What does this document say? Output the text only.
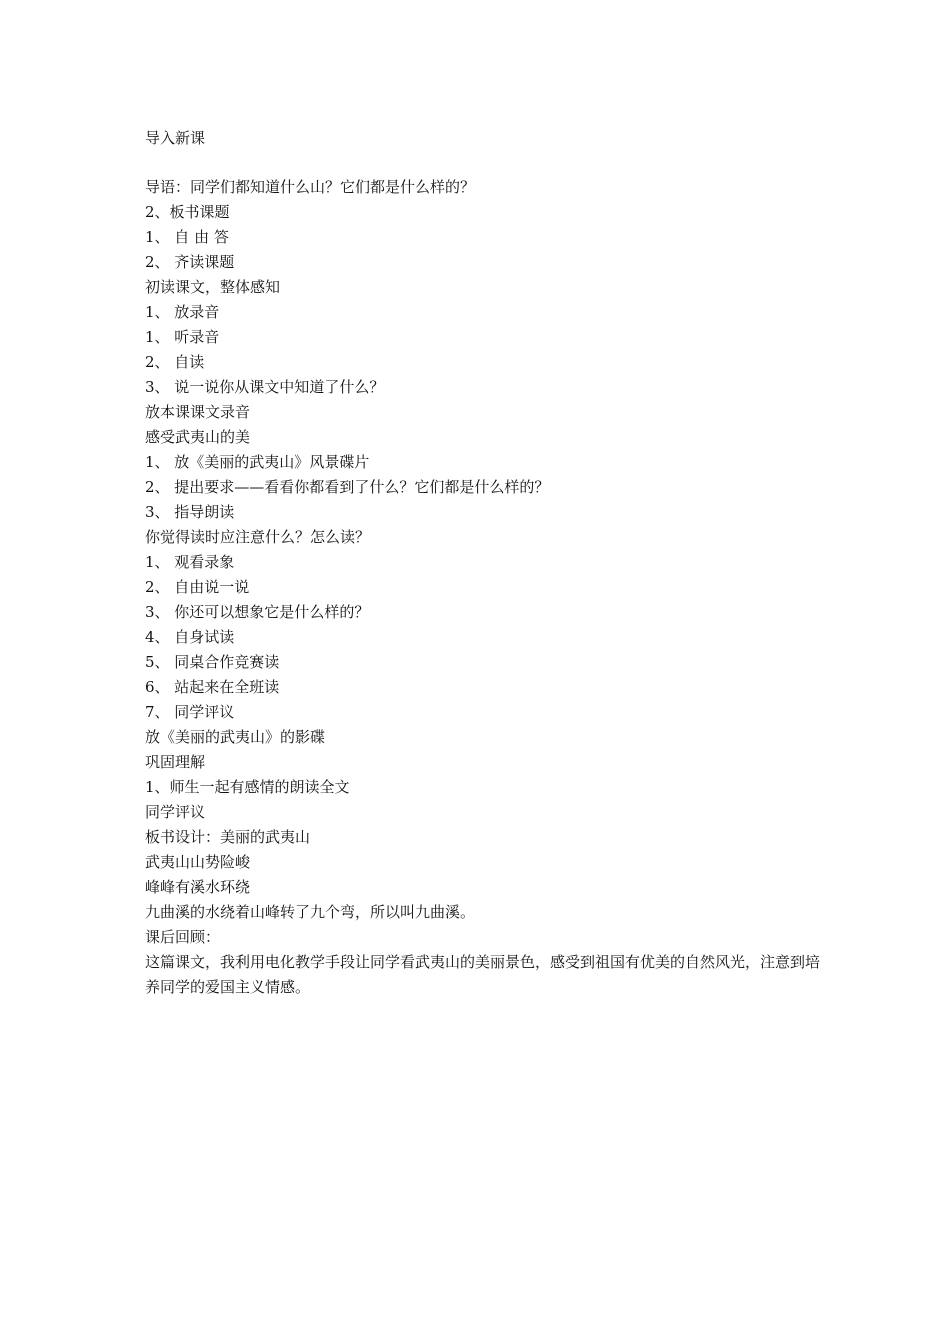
导入新课
导语：同学们都知道什么山？它们都是什么样的？
2、板书课题
1、 自 由 答
2、 齐读课题
初读课文，整体感知
1、 放录音
1、 听录音
2、 自读
3、 说一说你从课文中知道了什么？
放本课课文录音
感受武夷山的美
1、 放《美丽的武夷山》风景碟片
2、 提出要求——看看你都看到了什么？它们都是什么样的？
3、 指导朗读
你觉得读时应注意什么？怎么读？
1、 观看录象
2、 自由说一说
3、 你还可以想象它是什么样的？
4、 自身试读
5、 同桌合作竞赛读
6、 站起来在全班读
7、 同学评议
放《美丽的武夷山》的影碟
巩固理解
1、师生一起有感情的朗读全文
同学评议
板书设计：美丽的武夷山
武夷山山势险峻
峰峰有溪水环绕
九曲溪的水绕着山峰转了九个弯，所以叫九曲溪。
课后回顾：
这篇课文，我利用电化教学手段让同学看武夷山的美丽景色，感受到祖国有优美的自然风光，注意到培养同学的爱国主义情感。
